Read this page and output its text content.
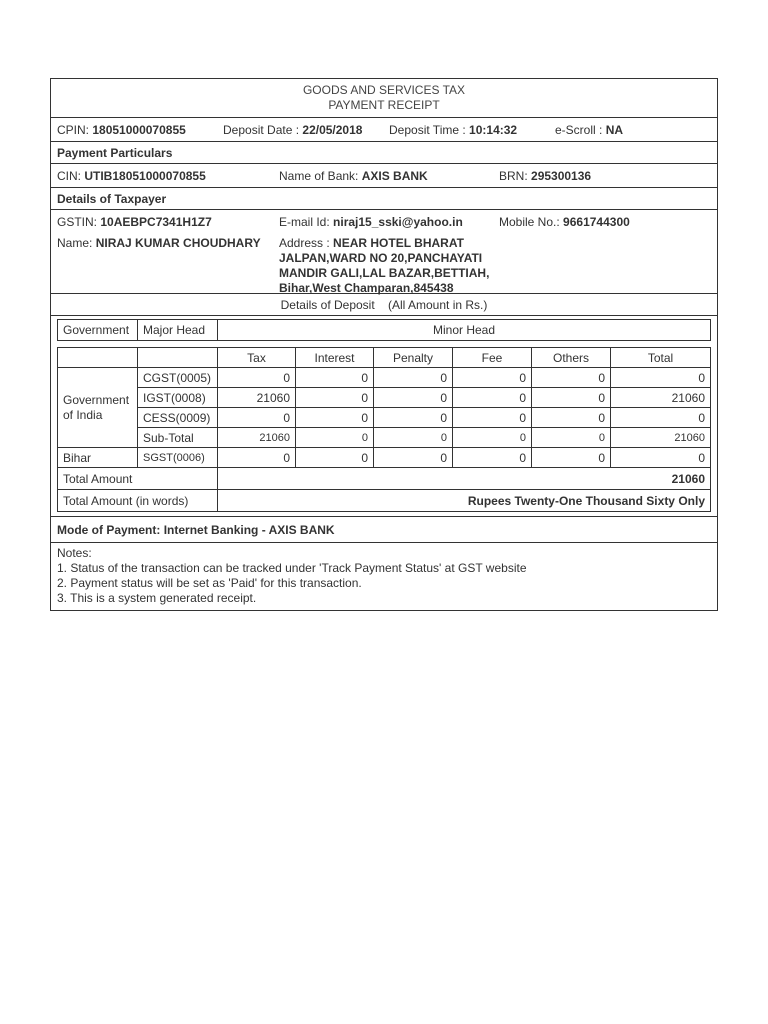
GOODS AND SERVICES TAX
PAYMENT RECEIPT
CPIN: 18051000070855	Deposit Date : 22/05/2018 Deposit Time : 10:14:32	e-Scroll : NA
Payment Particulars
CIN: UTIB18051000070855	Name of Bank: AXIS BANK	BRN: 295300136
Details of Taxpayer
GSTIN: 10AEBPC7341H1Z7	E-mail Id: niraj15_sski@yahoo.in	Mobile No.: 9661744300
Name: NIRAJ KUMAR CHOUDHARY Address : NEAR HOTEL BHARAT
JALPAN,WARD NO 20,PANCHAYATI
MANDIR GALI,LAL BAZAR,BETTIAH,
Bihar,West Champaran,845438
Details of Deposit    (All Amount in Rs.)
Government	Major Head	Minor Head
		Tax	Interest	Penalty	Fee	Others	Total
Government of India	CGST(0005)	0	0	0	0	0	0
	IGST(0008)	21060	0	0	0	0	21060
	CESS(0009)	0	0	0	0	0	0
	Sub-Total	21060	0	0	0	0	21060
Bihar	SGST(0006)	0	0	0	0	0	0
Total Amount		21060					
Total Amount (in words)		Rupees Twenty-One Thousand Sixty Only					
Mode of Payment: Internet Banking - AXIS BANK
Notes:
1. Status of the transaction can be tracked under 'Track Payment Status' at GST website
2. Payment status will be set as 'Paid' for this transaction.
3. This is a system generated receipt.
